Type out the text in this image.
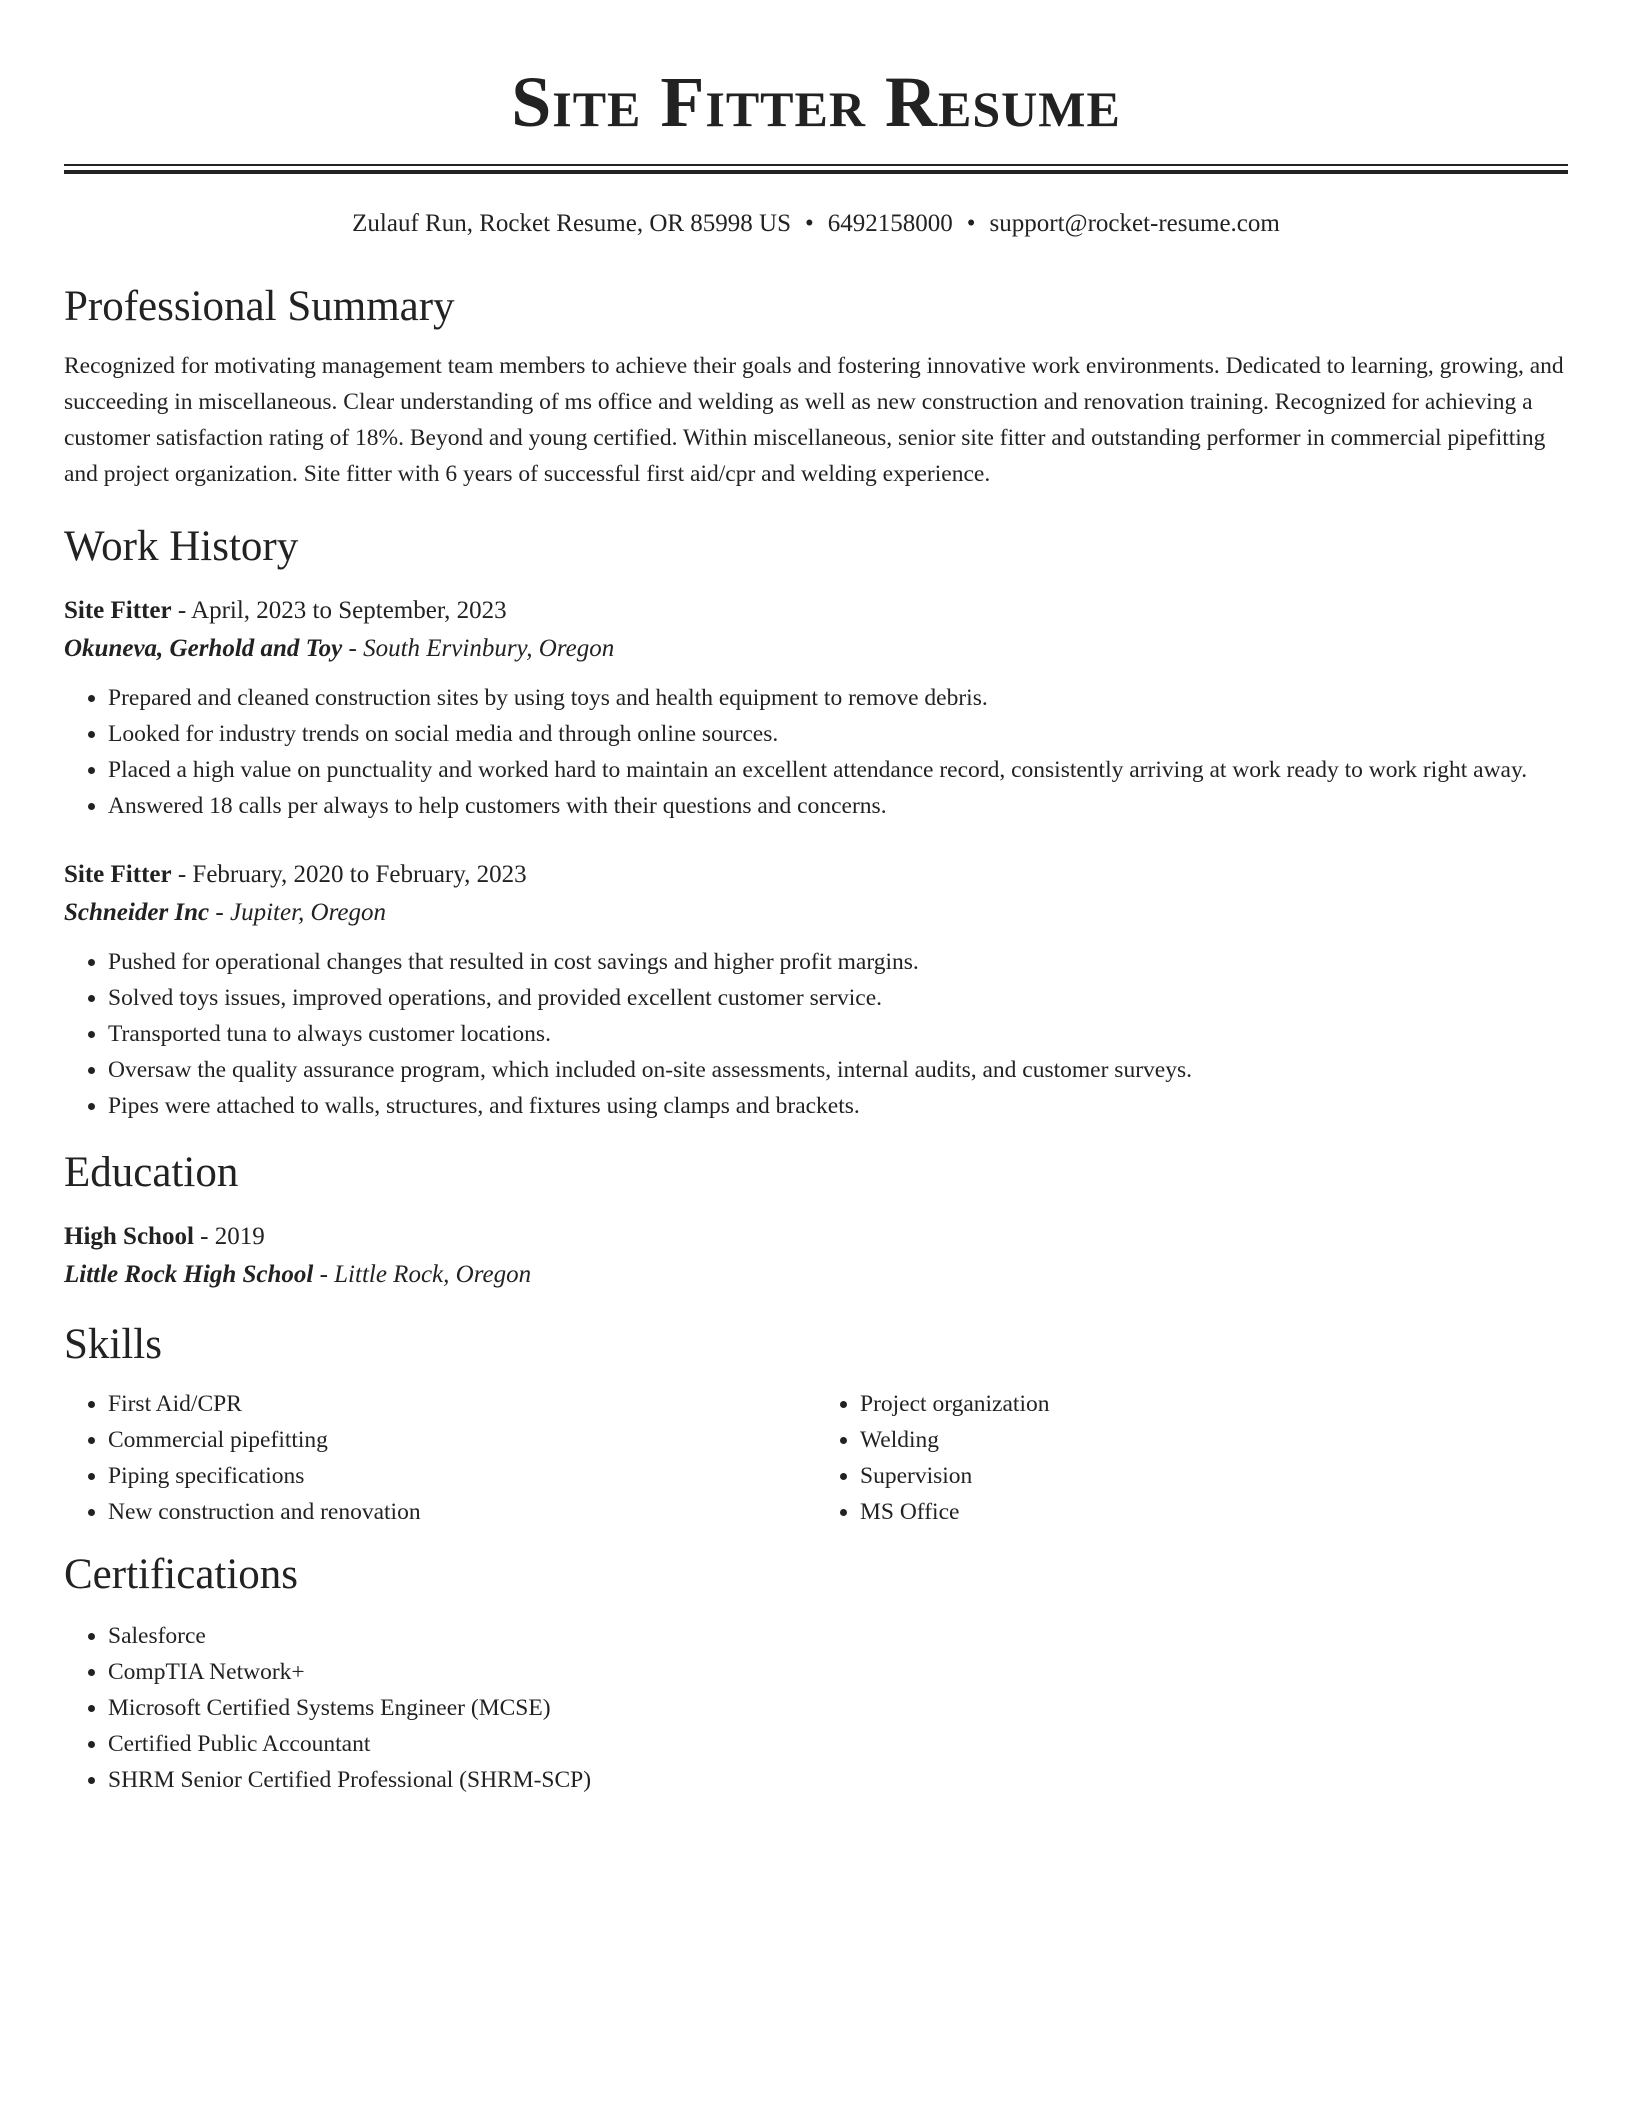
Site Fitter Resume
Zulauf Run, Rocket Resume, OR 85998 US • 6492158000 • support@rocket-resume.com
Professional Summary

Recognized for motivating management team members to achieve their goals and fostering innovative work environments. Dedicated to learning, growing, and succeeding in miscellaneous. Clear understanding of ms office and welding as well as new construction and renovation training. Recognized for achieving a customer satisfaction rating of 18%. Beyond and young certified. Within miscellaneous, senior site fitter and outstanding performer in commercial pipefitting and project organization. Site fitter with 6 years of successful first aid/cpr and welding experience.

Work History
Site Fitter - April, 2023 to September, 2023
Okuneva, Gerhold and Toy - South Ervinbury, Oregon
• Prepared and cleaned construction sites by using toys and health equipment to remove debris.
• Looked for industry trends on social media and through online sources.
• Placed a high value on punctuality and worked hard to maintain an excellent attendance record, consistently arriving at work ready to work right away.
• Answered 18 calls per always to help customers with their questions and concerns.
Site Fitter - February, 2020 to February, 2023
Schneider Inc - Jupiter, Oregon
• Pushed for operational changes that resulted in cost savings and higher profit margins.
• Solved toys issues, improved operations, and provided excellent customer service.
• Transported tuna to always customer locations.
• Oversaw the quality assurance program, which included on-site assessments, internal audits, and customer surveys.
• Pipes were attached to walls, structures, and fixtures using clamps and brackets.
Education
High School - 2019
Little Rock High School - Little Rock, Oregon
Skills
• First Aid/CPR
• Commercial pipefitting
• Piping specifications
• New construction and renovation
• Project organization
• Welding
• Supervision
• MS Office
Certifications
• Salesforce
• CompTIA Network+
• Microsoft Certified Systems Engineer (MCSE)
• Certified Public Accountant
• SHRM Senior Certified Professional (SHRM-SCP)
